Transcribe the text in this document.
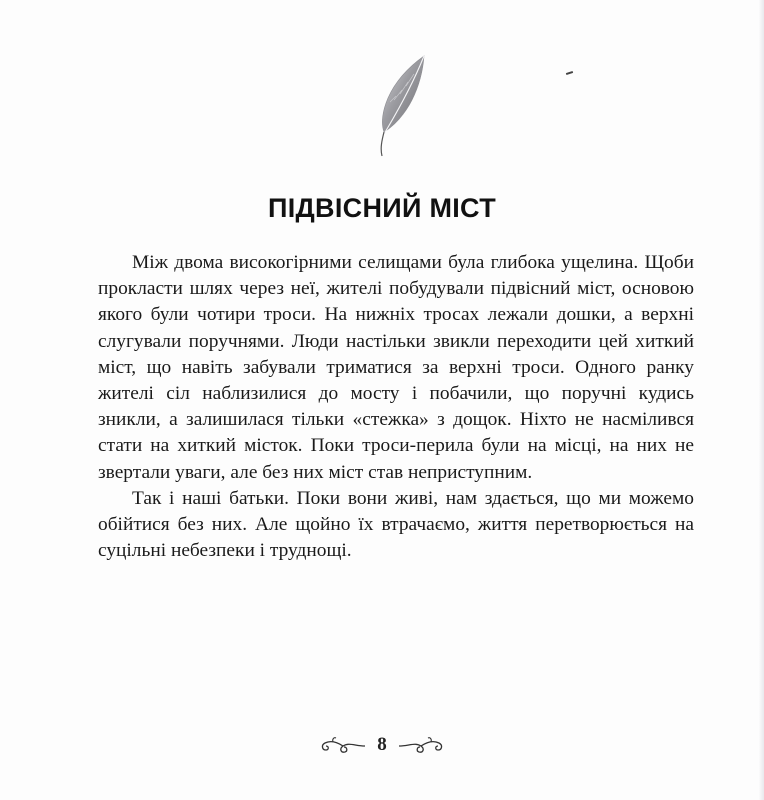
ПІДВІСНИЙ МІСТ

Між двома високогірними селищами була глибока ущелина. Щоби прокласти шлях через неї, жителі побудували підвісний міст, основою якого були чотири троси. На нижніх тросах лежали дошки, а верхні слугували поручнями. Люди настільки звикли переходити цей хиткий міст, що навіть забували триматися за верхні троси. Одного ранку жителі сіл наблизилися до мосту і побачили, що поручні кудись зникли, а залишилася тільки «стежка» з дощок. Ніхто не насмілився стати на хиткий місток. Поки троси-перила були на місці, на них не звертали уваги, але без них міст став неприступним.

Так і наші батьки. Поки вони живі, нам здається, що ми можемо обійтися без них. Але щойно їх втрачаємо, життя перетворюється на суцільні небезпеки і труднощі.

8
